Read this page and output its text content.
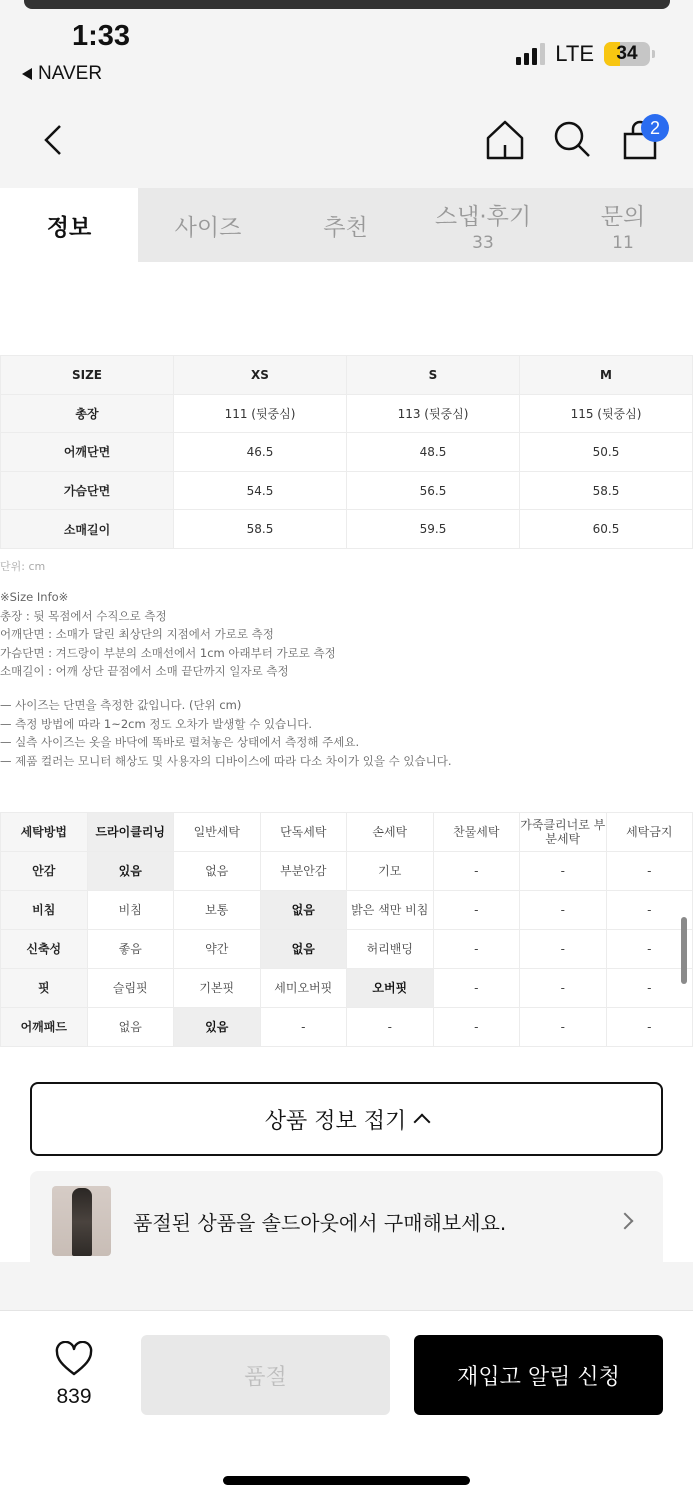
1:33
NAVER
LTE	34
2
정보	사이즈	추천	스냅·후기
33
문의
11
SIZE	XS	S	M
총장	111 (뒷중심)	113 (뒷중심)	115 (뒷중심)
어깨단면	46.5	48.5	50.5
가슴단면	54.5	56.5	58.5
소매길이	58.5	59.5	60.5
단위: cm
※Size Info※
총장 : 뒷 목점에서 수직으로 측정
어깨단면 : 소매가 달린 최상단의 지점에서 가로로 측정
가슴단면 : 겨드랑이 부분의 소매선에서 1cm 아래부터 가로로 측정
소매길이 : 어깨 상단 끝점에서 소매 끝단까지 일자로 측정
— 사이즈는 단면을 측정한 값입니다. (단위 cm)
— 측정 방법에 따라 1~2cm 정도 오차가 발생할 수 있습니다.
— 실측 사이즈는 옷을 바닥에 똑바로 펼쳐놓은 상태에서 측정해 주세요.
— 제품 컬러는 모니터 해상도 및 사용자의 디바이스에 따라 다소 차이가 있을 수 있습니다.
세탁방법	드라이클리닝	일반세탁	단독세탁	손세탁	찬물세탁	가죽클리너로 부분세탁	세탁금지
안감	있음	없음	부분안감	기모	-	-	-
비침	비침	보통	없음	밝은 색만 비침	-	-	-
신축성	좋음	약간	없음	허리밴딩	-	-	-
핏	슬림핏	기본핏	세미오버핏	오버핏	-	-	-
어깨패드	없음	있음	-	-	-	-	-
상품 정보 접기
품절된 상품을 솔드아웃에서 구매해보세요.
839
품절	재입고 알림 신청
